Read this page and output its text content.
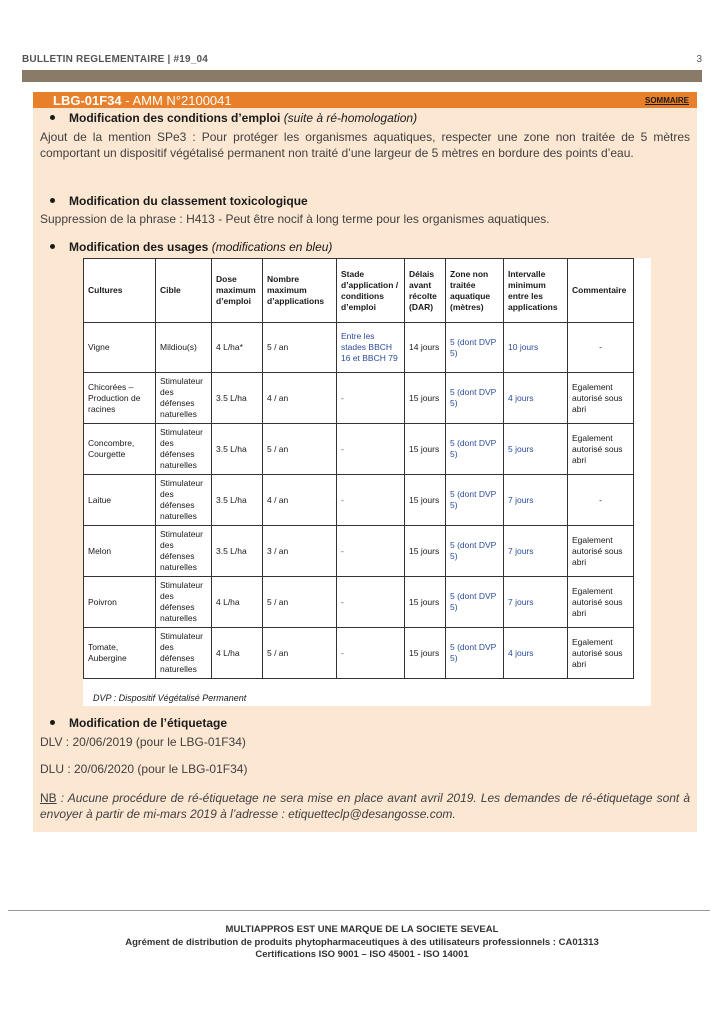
BULLETIN REGLEMENTAIRE | #19_04	3
LBG-01F34 - AMM N°2100041	SOMMAIRE
Modification des conditions d’emploi (suite à ré-homologation)
Ajout de la mention SPe3 : Pour protéger les organismes aquatiques, respecter une zone non traitée de 5 mètres comportant un dispositif végétalisé permanent non traité d’une largeur de 5 mètres en bordure des points d’eau.
Modification du classement toxicologique
Suppression de la phrase : H413 - Peut être nocif à long terme pour les organismes aquatiques.
Modification des usages (modifications en bleu)
Cultures	Cible	Dose maximum d’emploi	Nombre maximum d’applications	Stade d’application / conditions d’emploi	Délais avant récolte (DAR)	Zone non traitée aquatique (mètres)	Intervalle minimum entre les applications	Commentaire
Vigne	Mildiou(s)	4 L/ha*	5 / an	Entre les stades BBCH 16 et BBCH 79	14 jours	5 (dont DVP 5)	10 jours	-
Chicorées – Production de racines	Stimulateur des défenses naturelles	3.5 L/ha	4 / an	-	15 jours	5 (dont DVP 5)	4 jours	Egalement autorisé sous abri
Concombre, Courgette	Stimulateur des défenses naturelles	3.5 L/ha	5 / an	-	15 jours	5 (dont DVP 5)	5 jours	Egalement autorisé sous abri
Laitue	Stimulateur des défenses naturelles	3.5 L/ha	4 / an	-	15 jours	5 (dont DVP 5)	7 jours	-
Melon	Stimulateur des défenses naturelles	3.5 L/ha	3 / an	-	15 jours	5 (dont DVP 5)	7 jours	Egalement autorisé sous abri
Poivron	Stimulateur des défenses naturelles	4 L/ha	5 / an	-	15 jours	5 (dont DVP 5)	7 jours	Egalement autorisé sous abri
Tomate, Aubergine	Stimulateur des défenses naturelles	4 L/ha	5 / an	-	15 jours	5 (dont DVP 5)	4 jours	Egalement autorisé sous abri
DVP : Dispositif Végétalisé Permanent
Modification de l’étiquetage
DLV : 20/06/2019 (pour le LBG-01F34)
DLU : 20/06/2020 (pour le LBG-01F34)
NB : Aucune procédure de ré-étiquetage ne sera mise en place avant avril 2019. Les demandes de ré-étiquetage sont à envoyer à partir de mi-mars 2019 à l’adresse : etiquetteclp@desangosse.com.
MULTIAPPROS EST UNE MARQUE DE LA SOCIETE SEVEAL
Agrément de distribution de produits phytopharmaceutiques à des utilisateurs professionnels : CA01313
Certifications ISO 9001 – ISO 45001 - ISO 14001
